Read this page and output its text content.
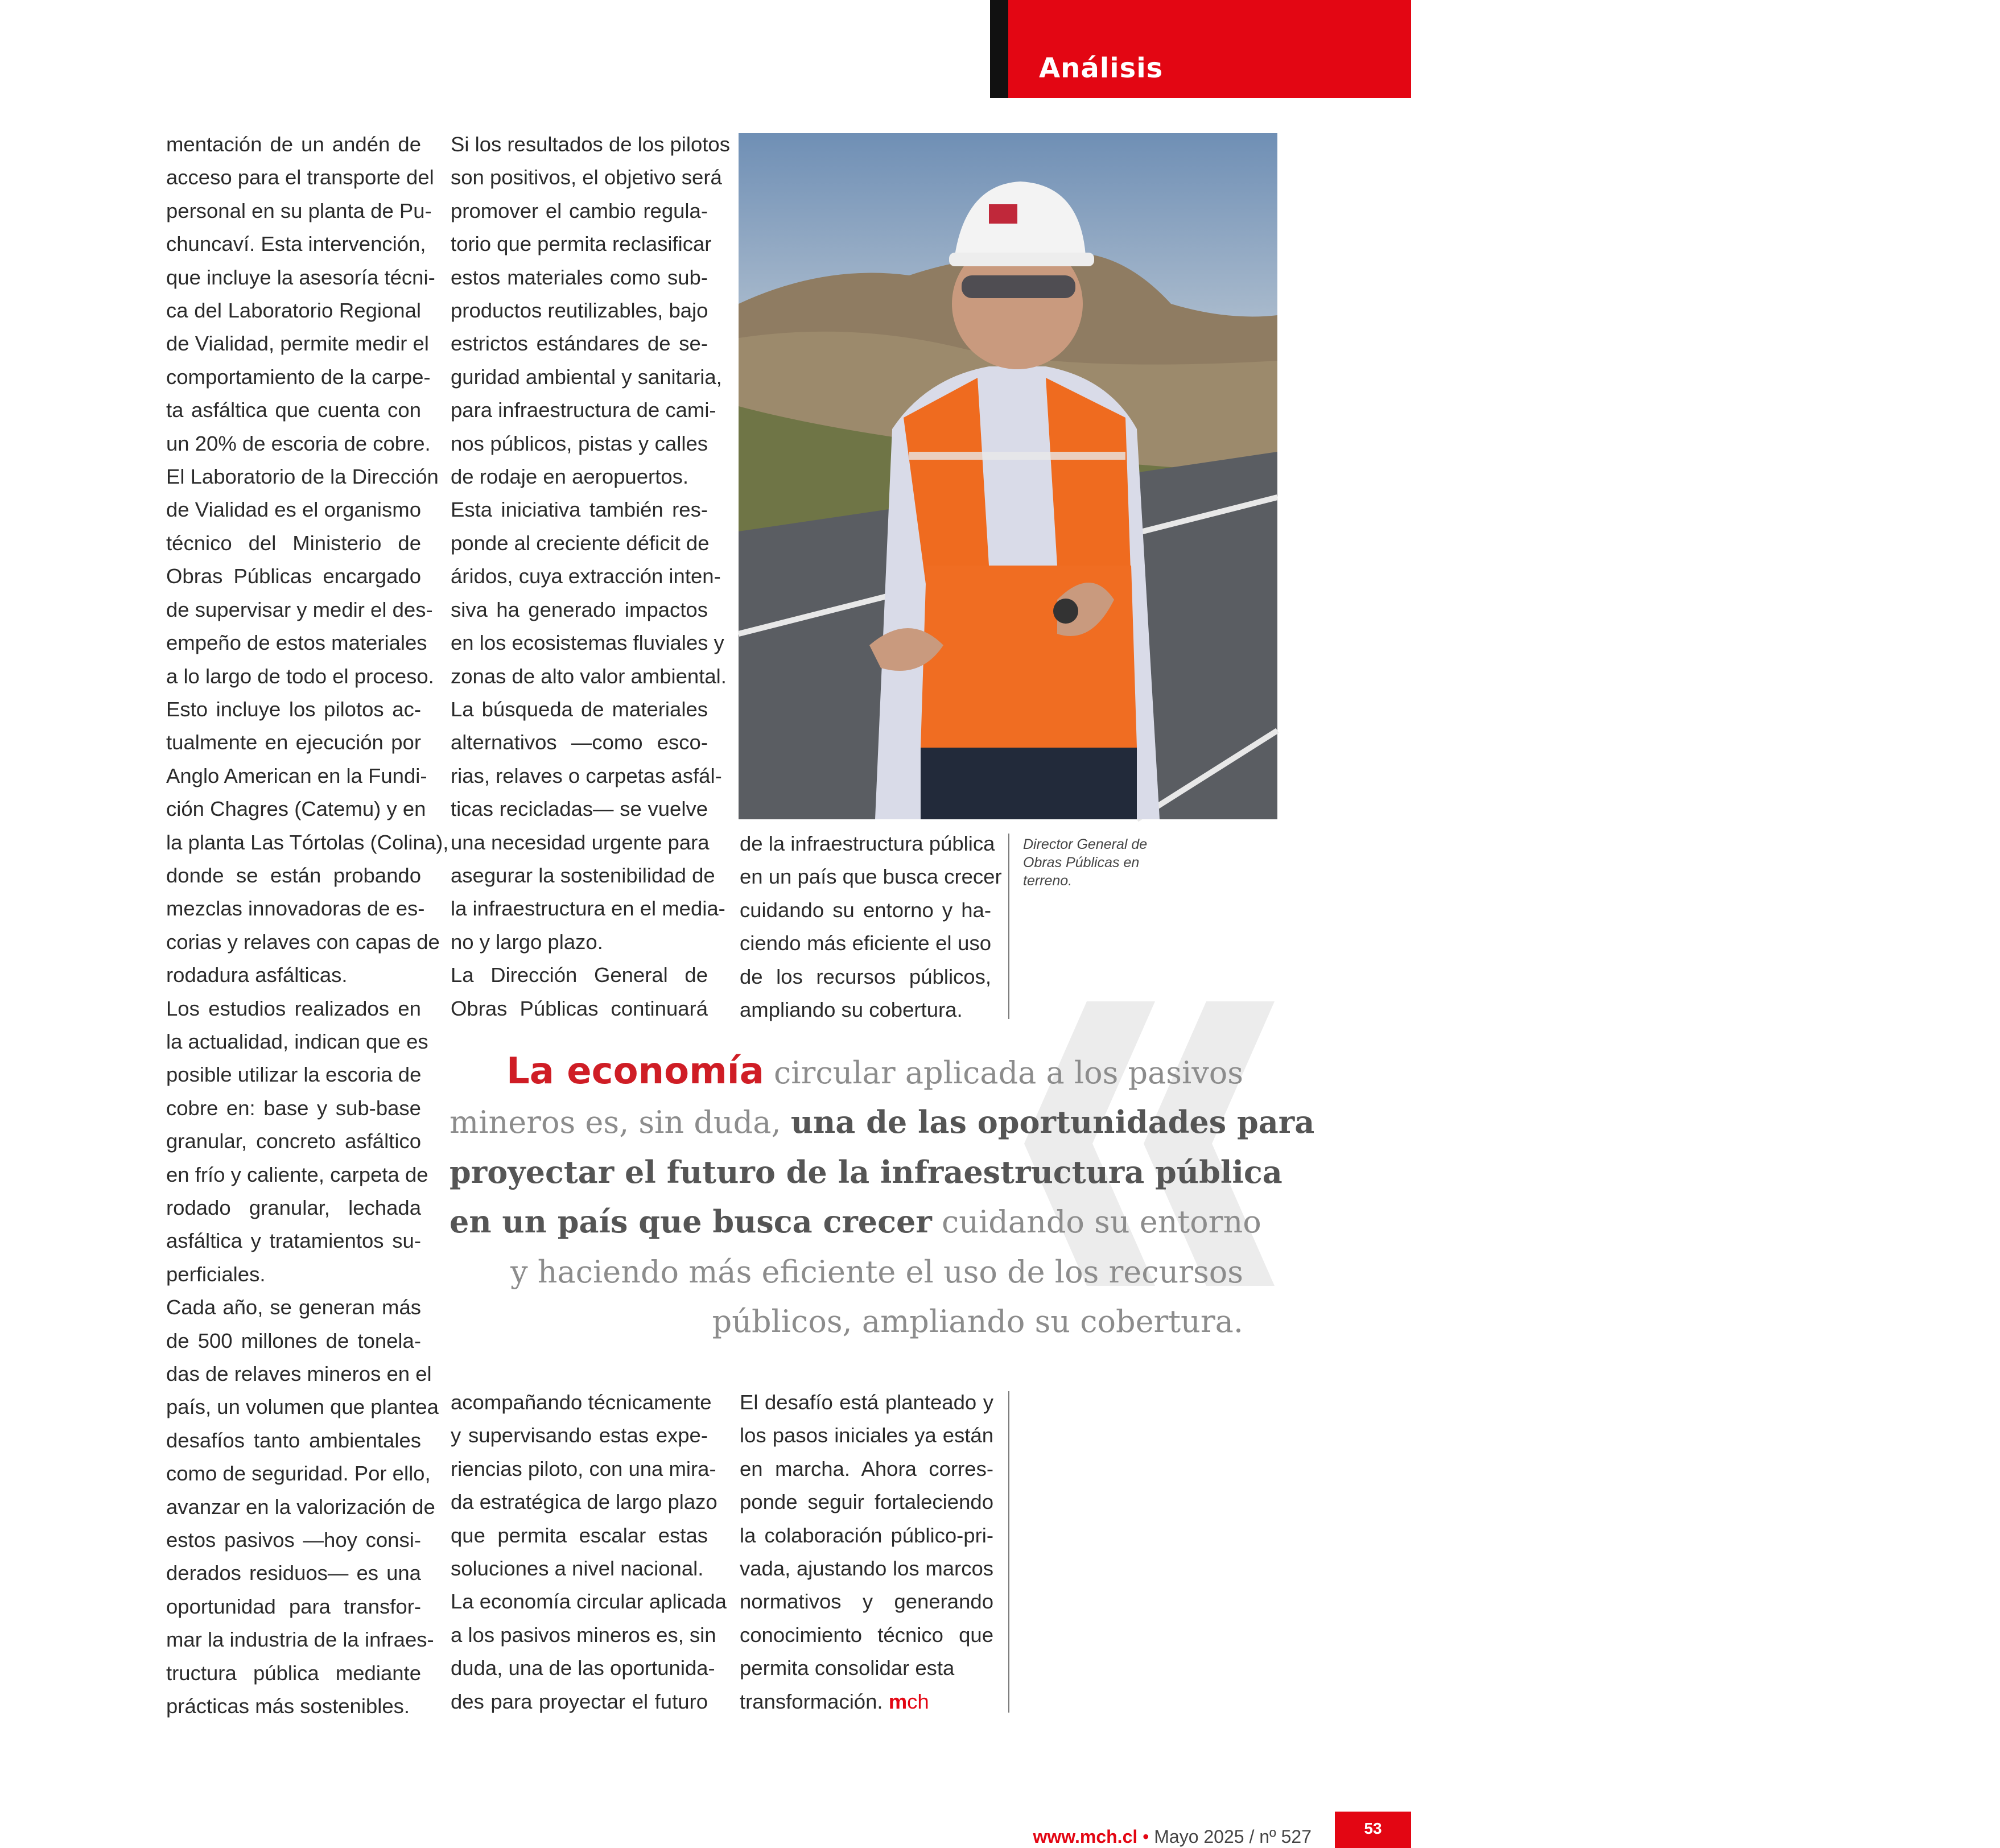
Análisis
mentación de un andén de
acceso para el transporte del
personal en su planta de Pu-
chuncaví. Esta intervención,
que incluye la asesoría técni-
ca del Laboratorio Regional
de Vialidad, permite medir el
comportamiento de la carpe-
ta asfáltica que cuenta con
un 20% de escoria de cobre.
El Laboratorio de la Dirección
de Vialidad es el organismo
técnico del Ministerio de
Obras Públicas encargado
de supervisar y medir el des-
empeño de estos materiales
a lo largo de todo el proceso.
Esto incluye los pilotos ac-
tualmente en ejecución por
Anglo American en la Fundi-
ción Chagres (Catemu) y en
la planta Las Tórtolas (Colina),
donde se están probando
mezclas innovadoras de es-
corias y relaves con capas de
rodadura asfálticas.
Los estudios realizados en
la actualidad, indican que es
posible utilizar la escoria de
cobre en: base y sub-base
granular, concreto asfáltico
en frío y caliente, carpeta de
rodado granular, lechada
asfáltica y tratamientos su-
perficiales.
Cada año, se generan más
de 500 millones de tonela-
das de relaves mineros en el
país, un volumen que plantea
desafíos tanto ambientales
como de seguridad. Por ello,
avanzar en la valorización de
estos pasivos —hoy consi-
derados residuos— es una
oportunidad para transfor-
mar la industria de la infraes-
tructura pública mediante
prácticas más sostenibles.
Si los resultados de los pilotos
son positivos, el objetivo será
promover el cambio regula-
torio que permita reclasificar
estos materiales como sub-
productos reutilizables, bajo
estrictos estándares de se-
guridad ambiental y sanitaria,
para infraestructura de cami-
nos públicos, pistas y calles
de rodaje en aeropuertos.
Esta iniciativa también res-
ponde al creciente déficit de
áridos, cuya extracción inten-
siva ha generado impactos
en los ecosistemas fluviales y
zonas de alto valor ambiental.
La búsqueda de materiales
alternativos —como esco-
rias, relaves o carpetas asfál-
ticas recicladas— se vuelve
una necesidad urgente para
asegurar la sostenibilidad de
la infraestructura en el media-
no y largo plazo.
La Dirección General de
Obras Públicas continuará
Foto: Gentileza Ministerio de Obras Públicas
de la infraestructura pública
en un país que busca crecer
cuidando su entorno y ha-
ciendo más eficiente el uso
de los recursos públicos,
ampliando su cobertura.
Director General de Obras Públicas en terreno.
La economía circular aplicada a los pasivos
mineros es, sin duda, una de las oportunidades para
proyectar el futuro de la infraestructura pública
en un país que busca crecer cuidando su entorno
y haciendo más eficiente el uso de los recursos
públicos, ampliando su cobertura.
acompañando técnicamente
y supervisando estas expe-
riencias piloto, con una mira-
da estratégica de largo plazo
que permita escalar estas
soluciones a nivel nacional.
La economía circular aplicada
a los pasivos mineros es, sin
duda, una de las oportunida-
des para proyectar el futuro
El desafío está planteado y
los pasos iniciales ya están
en marcha. Ahora corres-
ponde seguir fortaleciendo
la colaboración público-pri-
vada, ajustando los marcos
normativos y generando
conocimiento técnico que
permita consolidar esta
transformación. mch
www.mch.cl • Mayo 2025 / nº 527	53
